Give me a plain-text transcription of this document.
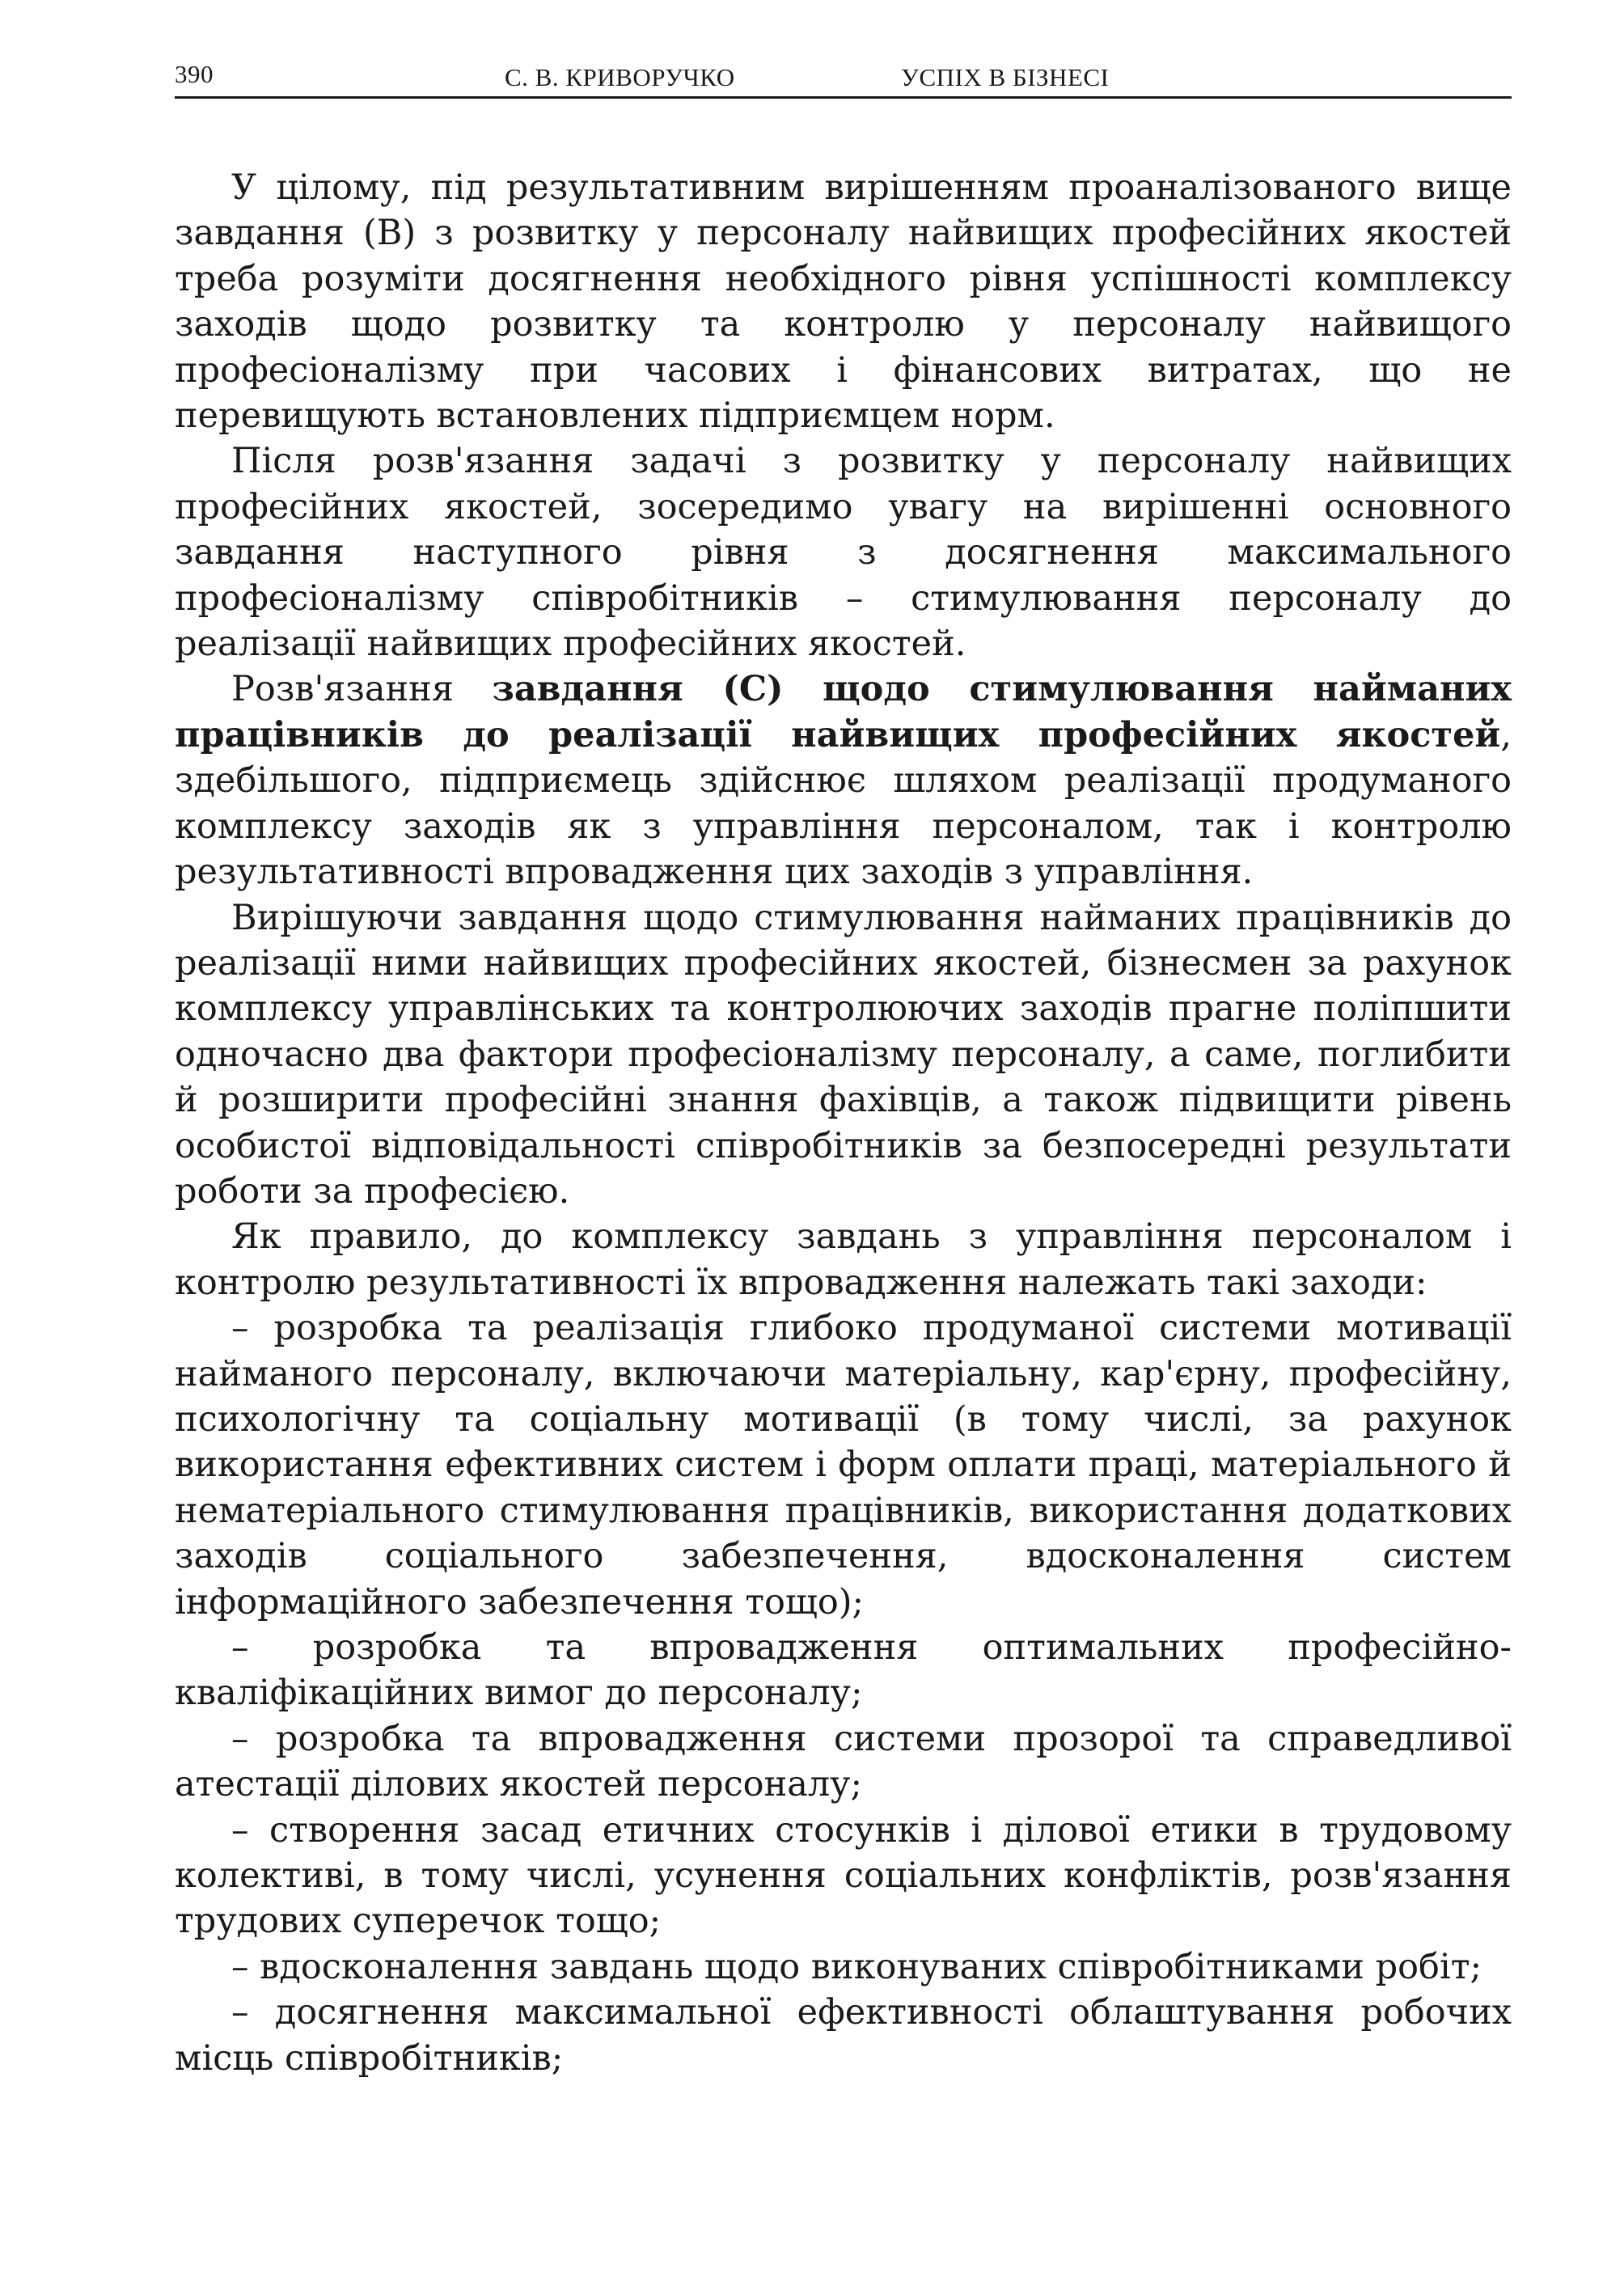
390	С. В. КРИВОРУЧКО	УСПІХ В БІЗНЕСІ

У цілому, під результативним вирішенням проаналізованого вище завдання (В) з розвитку у персоналу найвищих професійних якостей треба розуміти досягнення необхідного рівня успішності комплексу заходів щодо розвитку та контролю у персоналу найвищого професіоналізму при часових і фінансових витратах, що не перевищують встановлених підприємцем норм.

Після розв'язання задачі з розвитку у персоналу найвищих професійних якостей, зосередимо увагу на вирішенні основного завдання наступного рівня з досягнення максимального професіоналізму співробітників – стимулювання персоналу до реалізації найвищих професійних якостей.

Розв'язання завдання (С) щодо стимулювання найманих працівників до реалізації найвищих професійних якостей, здебільшого, підприємець здійснює шляхом реалізації продуманого комплексу заходів як з управління персоналом, так і контролю результативності впровадження цих заходів з управління.

Вирішуючи завдання щодо стимулювання найманих працівників до реалізації ними найвищих професійних якостей, бізнесмен за рахунок комплексу управлінських та контролюючих заходів прагне поліпшити одночасно два фактори професіоналізму персоналу, а саме, поглибити й розширити професійні знання фахівців, а також підвищити рівень особистої відповідальності співробітників за безпосередні результати роботи за професією.

Як правило, до комплексу завдань з управління персоналом і контролю результативності їх впровадження належать такі заходи:

– розробка та реалізація глибоко продуманої системи мотивації найманого персоналу, включаючи матеріальну, кар'єрну, професійну, психологічну та соціальну мотивації (в тому числі, за рахунок використання ефективних систем і форм оплати праці, матеріального й нематеріального стимулювання працівників, використання додаткових заходів соціального забезпечення, вдосконалення систем інформаційного забезпечення тощо);

– розробка та впровадження оптимальних професійно-кваліфікаційних вимог до персоналу;

– розробка та впровадження системи прозорої та справедливої атестації ділових якостей персоналу;

– створення засад етичних стосунків і ділової етики в трудовому колективі, в тому числі, усунення соціальних конфліктів, розв'язання трудових суперечок тощо;

– вдосконалення завдань щодо виконуваних співробітниками робіт;

– досягнення максимальної ефективності облаштування робочих місць співробітників;
